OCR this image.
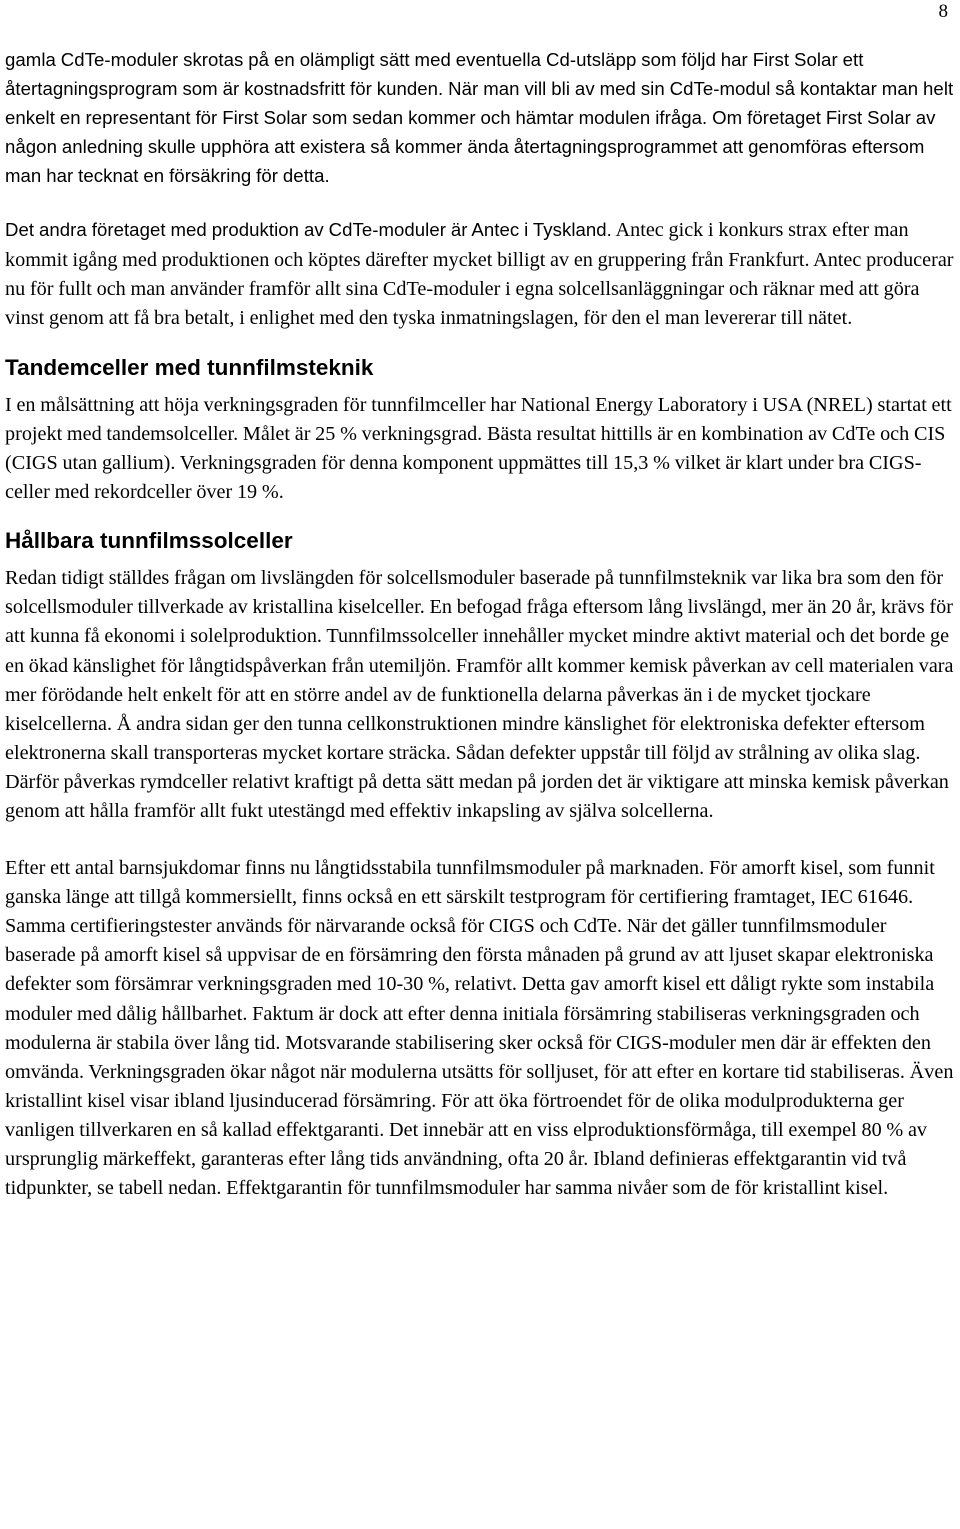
8

gamla CdTe-moduler skrotas på en olämpligt sätt med eventuella Cd-utsläpp som följd har First Solar ett återtagningsprogram som är kostnadsfritt för kunden. När man vill bli av med sin CdTe-modul så kontaktar man helt enkelt en representant för First Solar som sedan kommer och hämtar modulen ifråga. Om företaget First Solar av någon anledning skulle upphöra att existera så kommer ända återtagningsprogrammet att genomföras eftersom man har tecknat en försäkring för detta.

Det andra företaget med produktion av CdTe-moduler är Antec i Tyskland. Antec gick i konkurs strax efter man kommit igång med produktionen och köptes därefter mycket billigt av en gruppering från Frankfurt. Antec producerar nu för fullt och man använder framför allt sina CdTe-moduler i egna solcellsanläggningar och räknar med att göra vinst genom att få bra betalt, i enlighet med den tyska inmatningslagen, för den el man levererar till nätet.

Tandemceller med tunnfilmsteknik

I en målsättning att höja verkningsgraden för tunnfilmceller har National Energy Laboratory i USA (NREL) startat ett projekt med tandemsolceller. Målet är 25 % verkningsgrad. Bästa resultat hittills är en kombination av CdTe och CIS (CIGS utan gallium). Verkningsgraden för denna komponent uppmättes till 15,3 % vilket är klart under bra CIGS-celler med rekordceller över 19 %.

Hållbara tunnfilmssolceller

Redan tidigt ställdes frågan om livslängden för solcellsmoduler baserade på tunnfilmsteknik var lika bra som den för solcellsmoduler tillverkade av kristallina kiselceller. En befogad fråga eftersom lång livslängd, mer än 20 år, krävs för att kunna få ekonomi i solelproduktion. Tunnfilmssolceller innehåller mycket mindre aktivt material och det borde ge en ökad känslighet för långtidspåverkan från utemiljön. Framför allt kommer kemisk påverkan av cell materialen vara mer förödande helt enkelt för att en större andel av de funktionella delarna påverkas än i de mycket tjockare kiselcellerna. Å andra sidan ger den tunna cellkonstruktionen mindre känslighet för elektroniska defekter eftersom elektronerna skall transporteras mycket kortare sträcka. Sådan defekter uppstår till följd av strålning av olika slag. Därför påverkas rymdceller relativt kraftigt på detta sätt medan på jorden det är viktigare att minska kemisk påverkan genom att hålla framför allt fukt utestängd med effektiv inkapsling av själva solcellerna.

Efter ett antal barnsjukdomar finns nu långtidsstabila tunnfilmsmoduler på marknaden. För amorft kisel, som funnit ganska länge att tillgå kommersiellt, finns också en ett särskilt testprogram för certifiering framtaget, IEC 61646. Samma certifieringstester används för närvarande också för CIGS och CdTe. När det gäller tunnfilmsmoduler baserade på amorft kisel så uppvisar de en försämring den första månaden på grund av att ljuset skapar elektroniska defekter som försämrar verkningsgraden med 10-30 %, relativt. Detta gav amorft kisel ett dåligt rykte som instabila moduler med dålig hållbarhet. Faktum är dock att efter denna initiala försämring stabiliseras verkningsgraden och modulerna är stabila över lång tid. Motsvarande stabilisering sker också för CIGS-moduler men där är effekten den omvända. Verkningsgraden ökar något när modulerna utsätts för solljuset, för att efter en kortare tid stabiliseras. Även kristallint kisel visar ibland ljusinducerad försämring. För att öka förtroendet för de olika modulprodukterna ger vanligen tillverkaren en så kallad effektgaranti. Det innebär att en viss elproduktionsförmåga, till exempel 80 % av ursprunglig märkeffekt, garanteras efter lång tids användning, ofta 20 år. Ibland definieras effektgarantin vid två tidpunkter, se tabell nedan. Effektgarantin för tunnfilmsmoduler har samma nivåer som de för kristallint kisel.
